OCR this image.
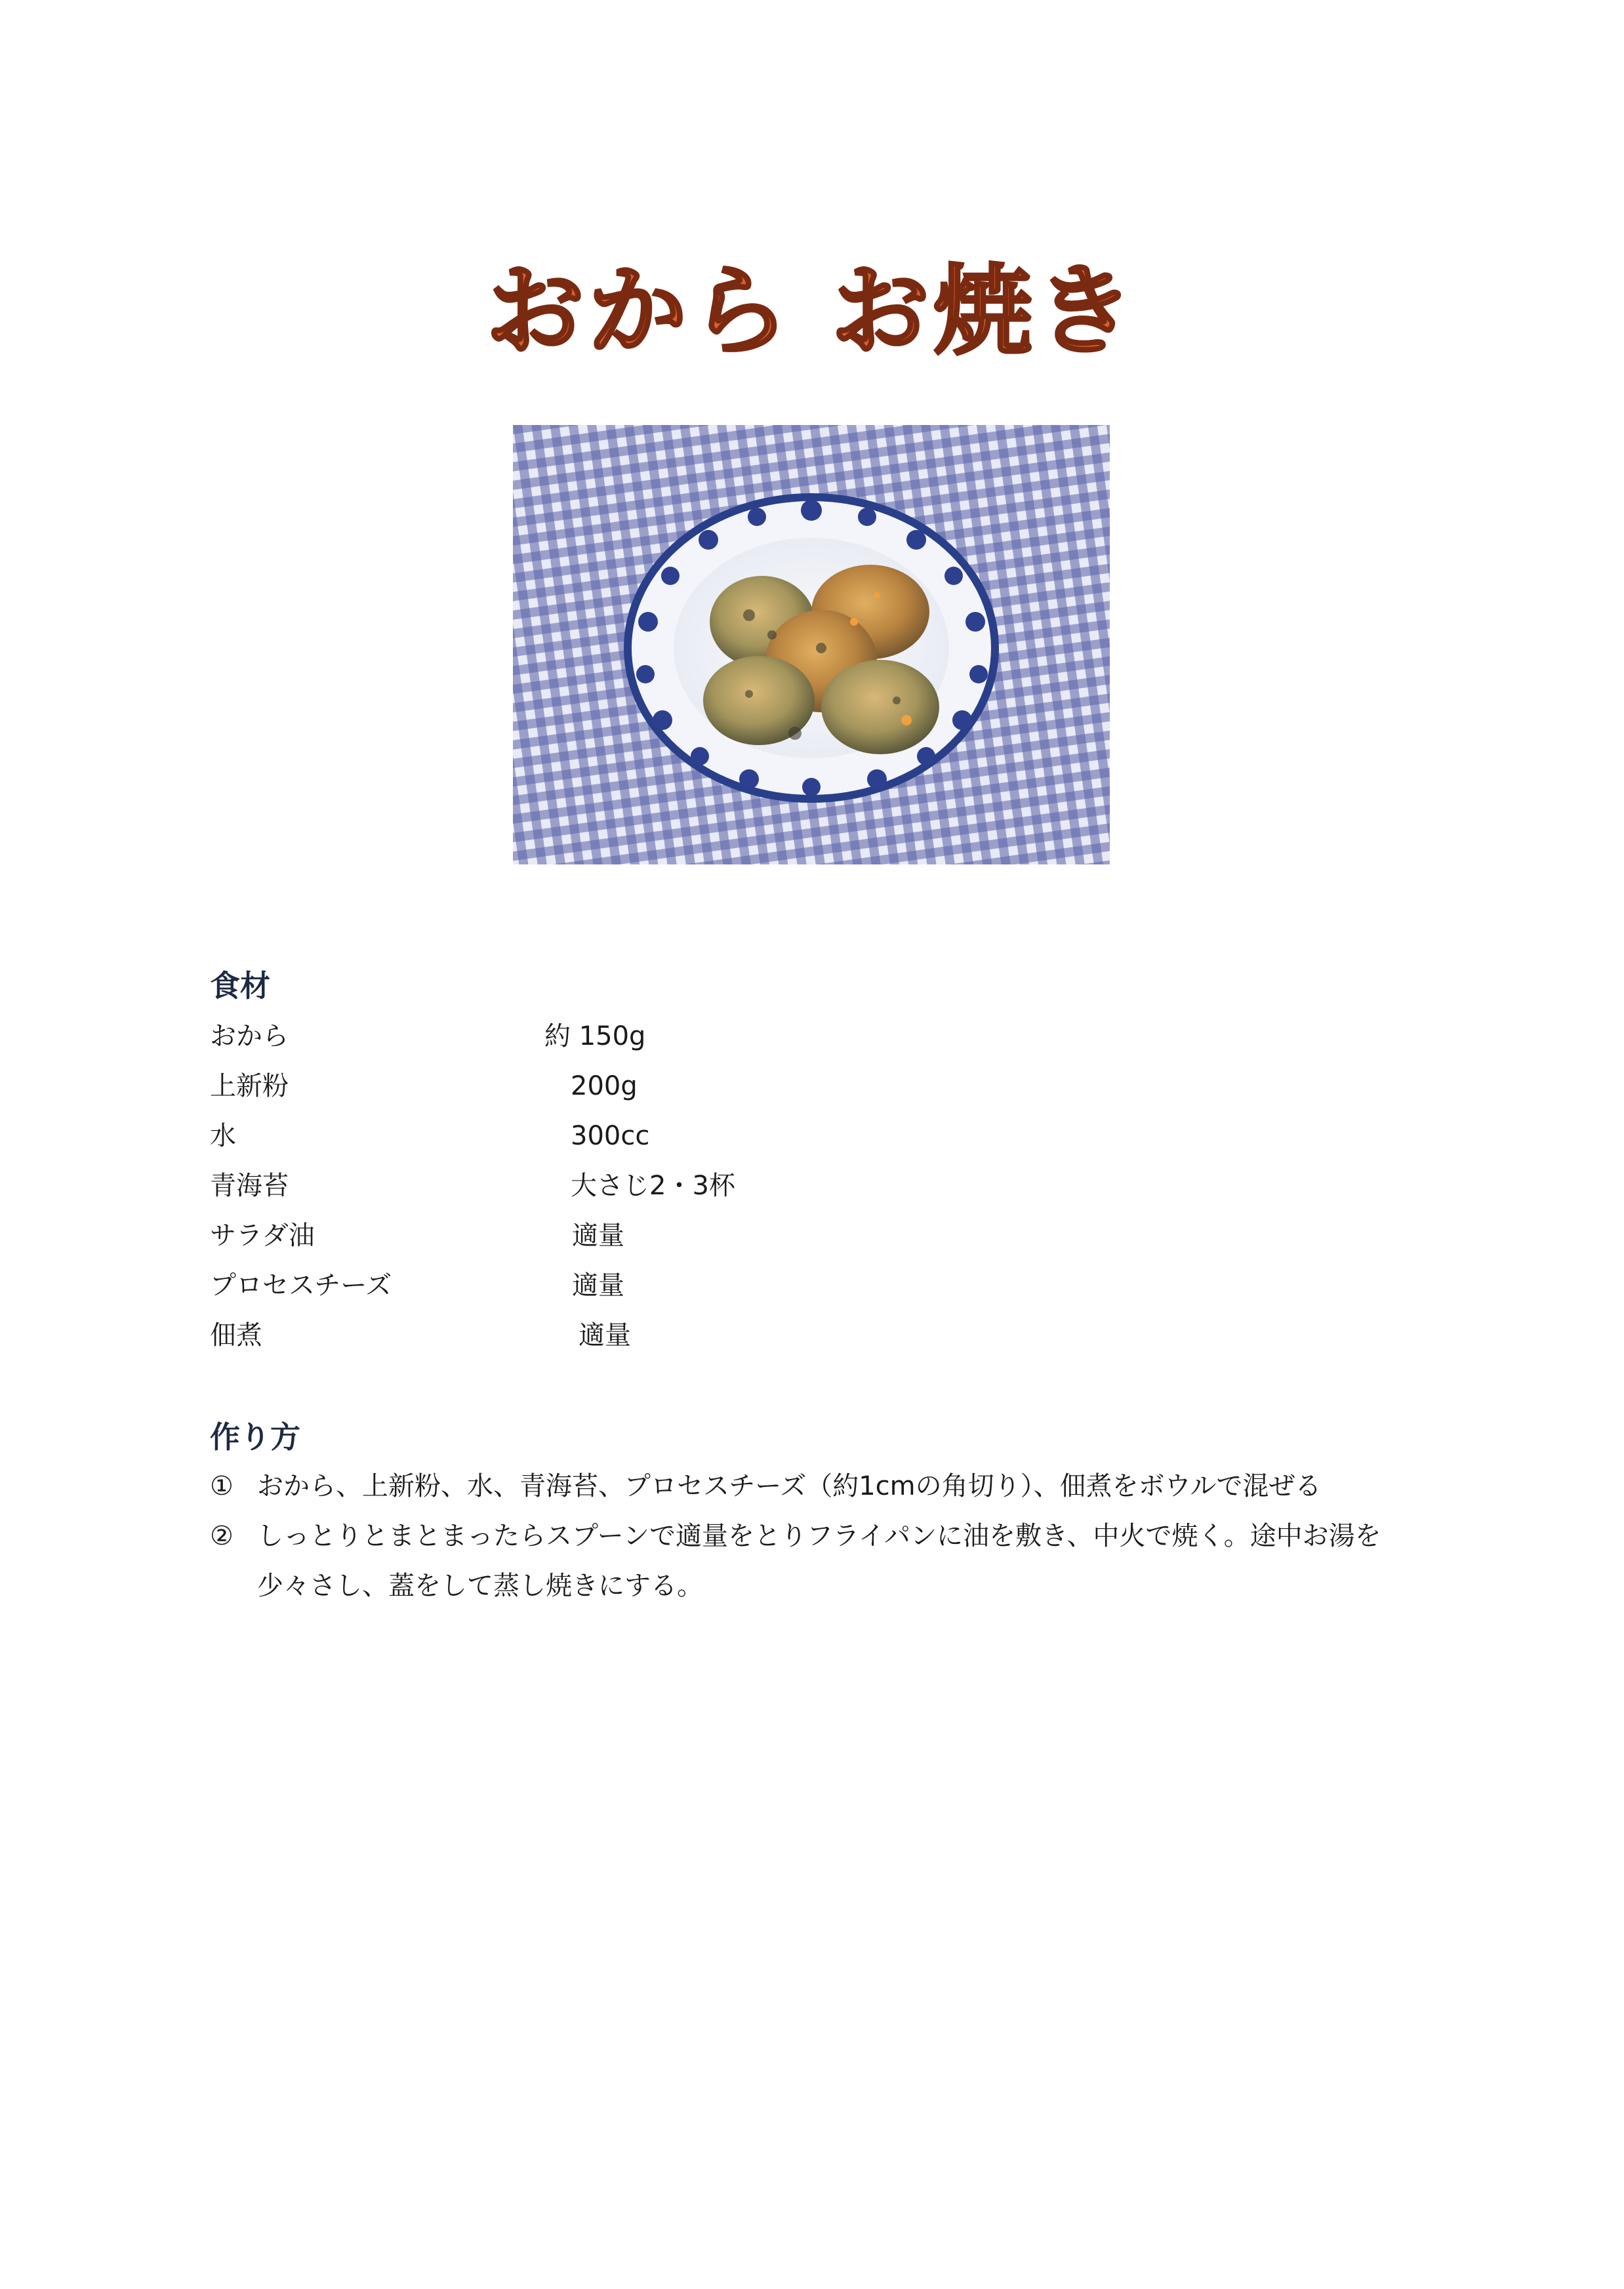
おから お焼き
食材
おから	約 150g
上新粉	200g
水	300cc
青海苔	大さじ2・3杯
サラダ油	適量
プロセスチーズ	適量
佃煮	適量
作り方
① おから、上新粉、水、青海苔、プロセスチーズ（約1cmの角切り）、佃煮をボウルで混ぜる
② しっとりとまとまったらスプーンで適量をとりフライパンに油を敷き、中火で焼く。途中お湯を
少々さし、蓋をして蒸し焼きにする。
